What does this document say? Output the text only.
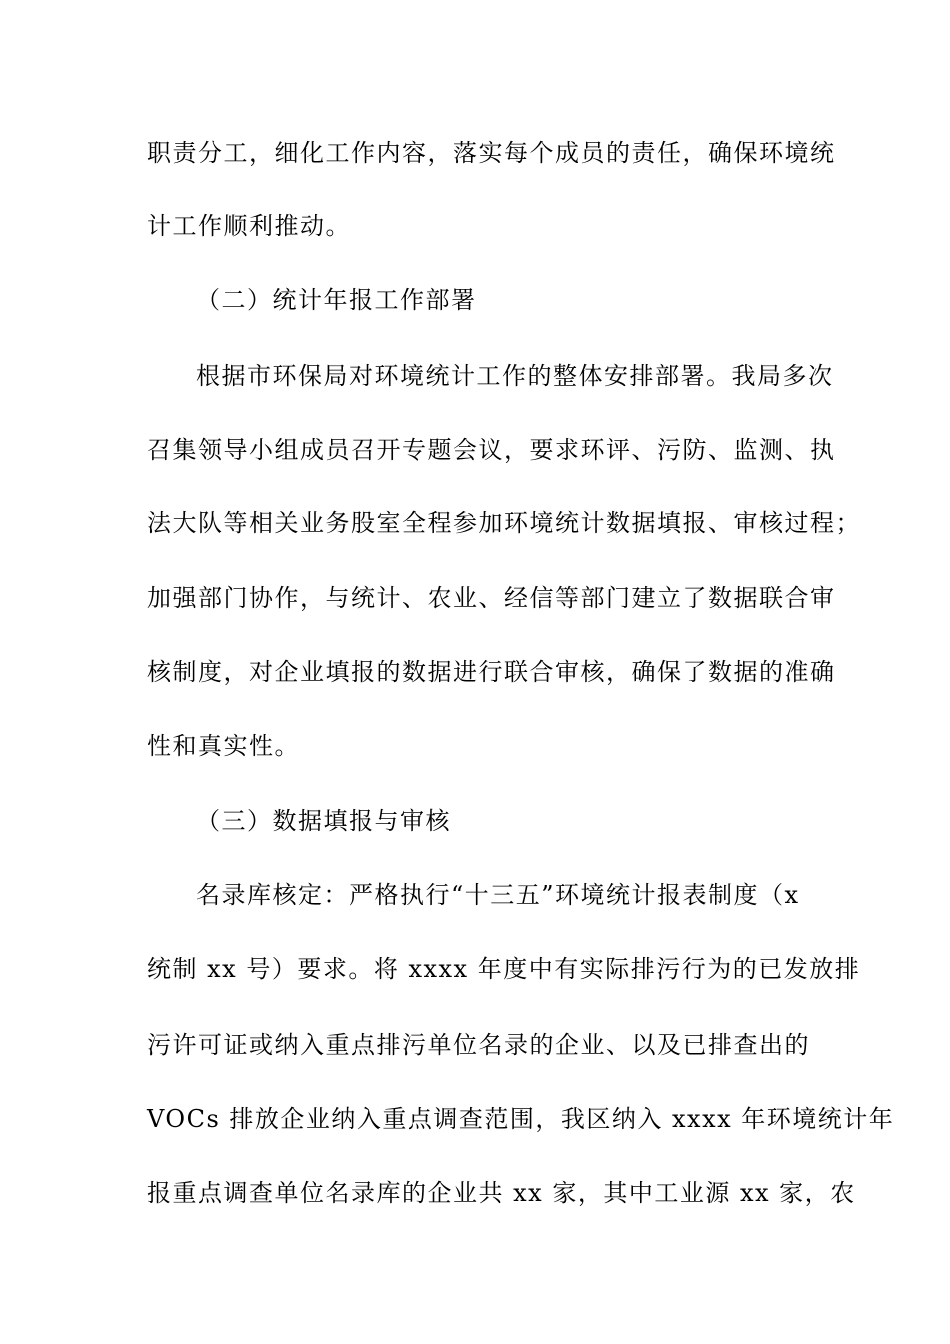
职责分工，细化工作内容，落实每个成员的责任，确保环境统
计工作顺利推动。
（二）统计年报工作部署
根据市环保局对环境统计工作的整体安排部署。我局多次
召集领导小组成员召开专题会议，要求环评、污防、监测、执
法大队等相关业务股室全程参加环境统计数据填报、审核过程；
加强部门协作，与统计、农业、经信等部门建立了数据联合审
核制度，对企业填报的数据进行联合审核，确保了数据的准确
性和真实性。
（三）数据填报与审核
名录库核定：严格执行“十三五”环境统计报表制度（x
统制 xx 号）要求。将 xxxx 年度中有实际排污行为的已发放排
污许可证或纳入重点排污单位名录的企业、以及已排查出的
VOCs 排放企业纳入重点调查范围，我区纳入 xxxx 年环境统计年
报重点调查单位名录库的企业共 xx 家，其中工业源 xx 家，农
